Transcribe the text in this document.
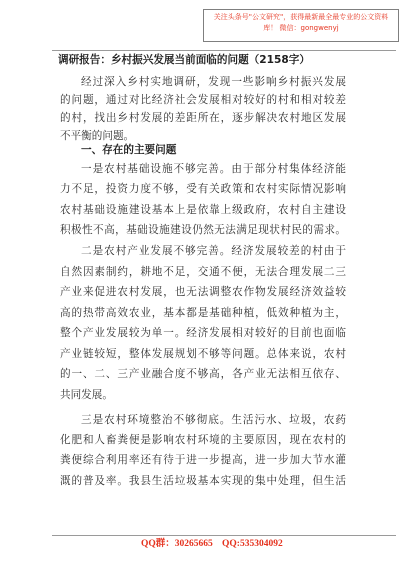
关注头条号"公文研究"，获得最新最全最专业的公文资料库！ 微信：gongwenyj
调研报告：乡村振兴发展当前面临的问题（2158字）
经过深入乡村实地调研，发现一些影响乡村振兴发展
的问题，通过对比经济社会发展相对较好的村和相对较差
的村，找出乡村发展的差距所在，逐步解决农村地区发展
不平衡的问题。
一、存在的主要问题
一是农村基础设施不够完善。由于部分村集体经济能
力不足，投资力度不够，受有关政策和农村实际情况影响
农村基础设施建设基本上是依靠上级政府，农村自主建设
积极性不高，基础设施建设仍然无法满足现状村民的需求。
二是农村产业发展不够完善。经济发展较差的村由于
自然因素制约，耕地不足，交通不便，无法合理发展二三
产业来促进农村发展，也无法调整农作物发展经济效益较
高的热带高效农业，基本都是基础种植，低效种植为主，
整个产业发展较为单一。经济发展相对较好的目前也面临
产业链较短，整体发展规划不够等问题。总体来说，农村
的一、二、三产业融合度不够高，各产业无法相互依存、
共同发展。
三是农村环境整治不够彻底。生活污水、垃圾，农药
化肥和人畜粪便是影响农村环境的主要原因，现在农村的
粪便综合利用率还有待于进一步提高，进一步加大节水灌
溉的普及率。我县生活垃圾基本实现的集中处理，但生活
QQ群：30265665 QQ:535304092
